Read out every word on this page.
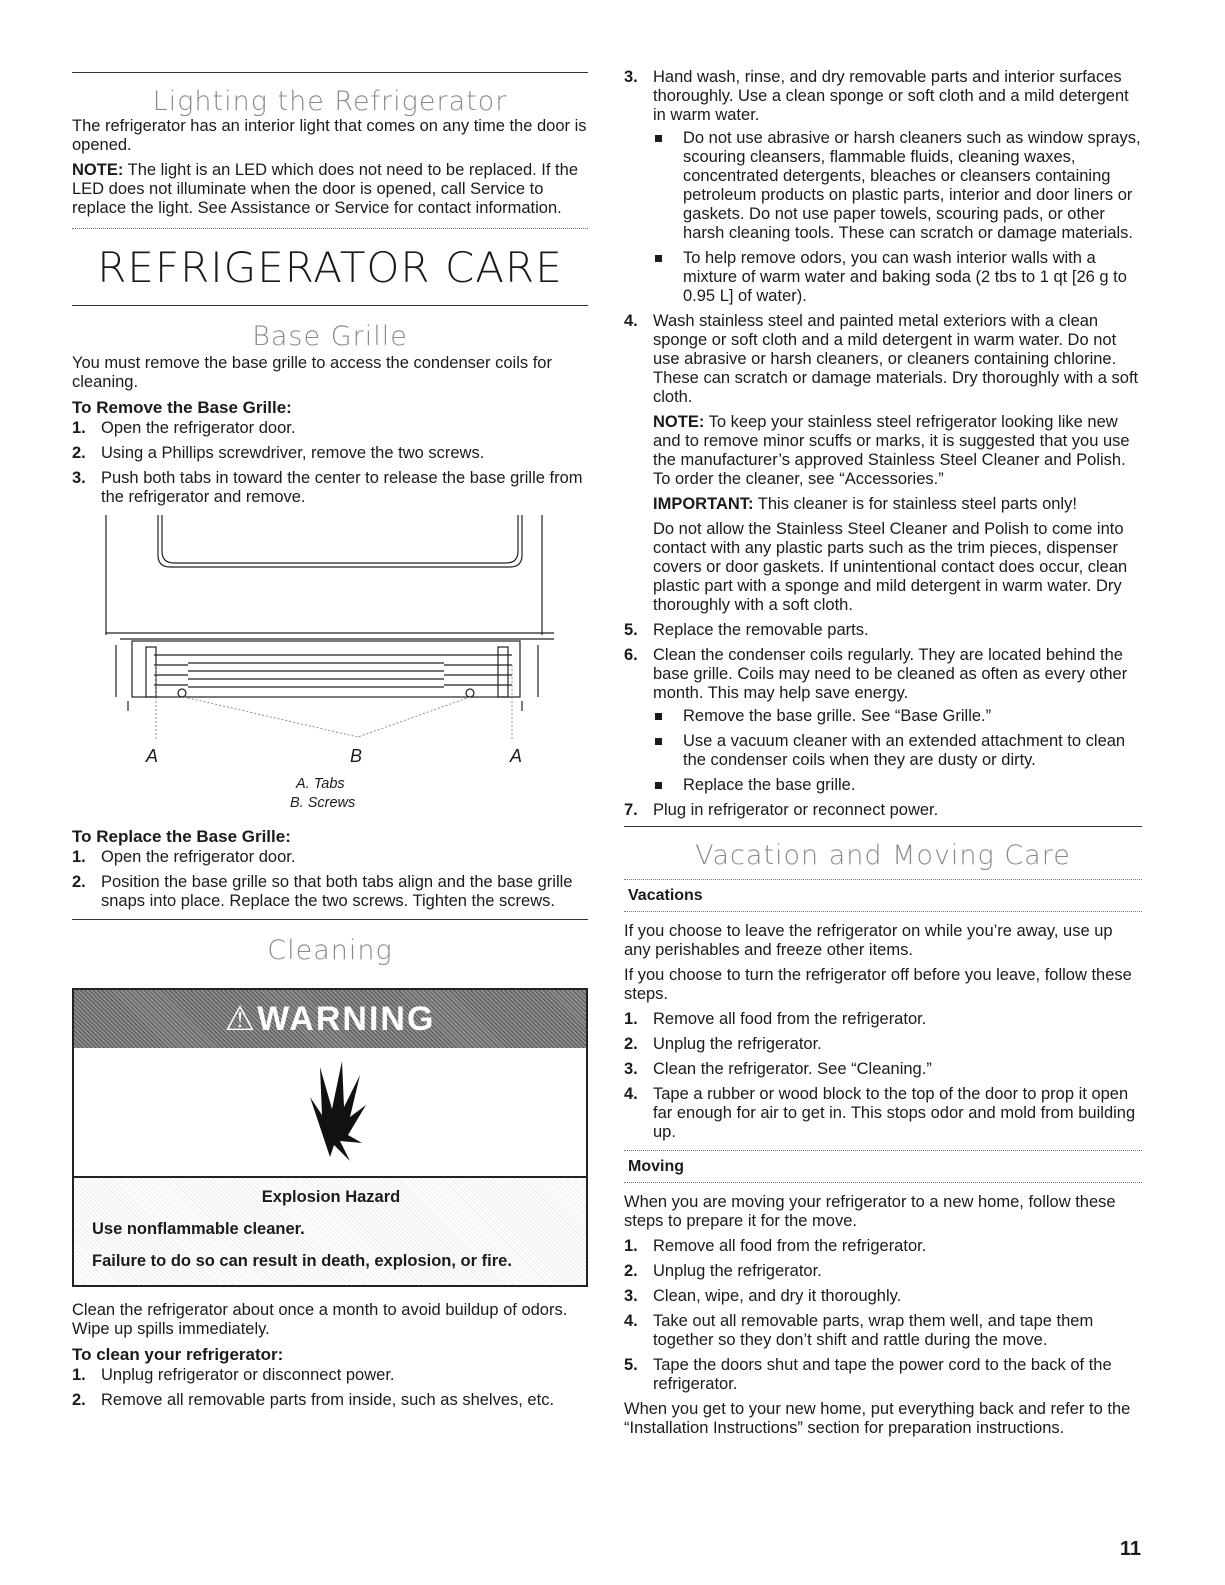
Lighting the Refrigerator

The refrigerator has an interior light that comes on any time the door is opened.

NOTE: The light is an LED which does not need to be replaced. If the LED does not illuminate when the door is opened, call Service to replace the light. See Assistance or Service for contact information.

REFRIGERATOR CARE
Base Grille

You must remove the base grille to access the condenser coils for cleaning.

To Remove the Base Grille:
1. Open the refrigerator door.
2. Using a Phillips screwdriver, remove the two screws.
3. Push both tabs in toward the center to release the base grille from the refrigerator and remove.
A	B	A
A. Tabs
B. Screws
To Replace the Base Grille:
1. Open the refrigerator door.
2. Position the base grille so that both tabs align and the base grille snaps into place. Replace the two screws. Tighten the screws.
Cleaning
⚠WARNING
Explosion Hazard
Use nonflammable cleaner.
Failure to do so can result in death, explosion, or fire.

Clean the refrigerator about once a month to avoid buildup of odors. Wipe up spills immediately.

To clean your refrigerator:
1. Unplug refrigerator or disconnect power.
2. Remove all removable parts from inside, such as shelves, etc.
3. Hand wash, rinse, and dry removable parts and interior surfaces thoroughly. Use a clean sponge or soft cloth and a mild detergent in warm water.
Do not use abrasive or harsh cleaners such as window sprays, scouring cleansers, flammable fluids, cleaning waxes, concentrated detergents, bleaches or cleansers containing petroleum products on plastic parts, interior and door liners or gaskets. Do not use paper towels, scouring pads, or other harsh cleaning tools. These can scratch or damage materials.
To help remove odors, you can wash interior walls with a mixture of warm water and baking soda (2 tbs to 1 qt [26 g to 0.95 L] of water).
4. Wash stainless steel and painted metal exteriors with a clean sponge or soft cloth and a mild detergent in warm water. Do not use abrasive or harsh cleaners, or cleaners containing chlorine. These can scratch or damage materials. Dry thoroughly with a soft cloth.

NOTE: To keep your stainless steel refrigerator looking like new and to remove minor scuffs or marks, it is suggested that you use the manufacturer’s approved Stainless Steel Cleaner and Polish. To order the cleaner, see “Accessories.”

IMPORTANT: This cleaner is for stainless steel parts only!

Do not allow the Stainless Steel Cleaner and Polish to come into contact with any plastic parts such as the trim pieces, dispenser covers or door gaskets. If unintentional contact does occur, clean plastic part with a sponge and mild detergent in warm water. Dry thoroughly with a soft cloth.

5. Replace the removable parts.
6. Clean the condenser coils regularly. They are located behind the base grille. Coils may need to be cleaned as often as every other month. This may help save energy.
Remove the base grille. See “Base Grille.”
Use a vacuum cleaner with an extended attachment to clean the condenser coils when they are dusty or dirty.
Replace the base grille.
7. Plug in refrigerator or reconnect power.
Vacation and Moving Care
Vacations

If you choose to leave the refrigerator on while you’re away, use up any perishables and freeze other items.

If you choose to turn the refrigerator off before you leave, follow these steps.

1. Remove all food from the refrigerator.
2. Unplug the refrigerator.
3. Clean the refrigerator. See “Cleaning.”
4. Tape a rubber or wood block to the top of the door to prop it open far enough for air to get in. This stops odor and mold from building up.
Moving

When you are moving your refrigerator to a new home, follow these steps to prepare it for the move.

1. Remove all food from the refrigerator.
2. Unplug the refrigerator.
3. Clean, wipe, and dry it thoroughly.
4. Take out all removable parts, wrap them well, and tape them together so they don’t shift and rattle during the move.
5. Tape the doors shut and tape the power cord to the back of the refrigerator.

When you get to your new home, put everything back and refer to the “Installation Instructions” section for preparation instructions.

11
